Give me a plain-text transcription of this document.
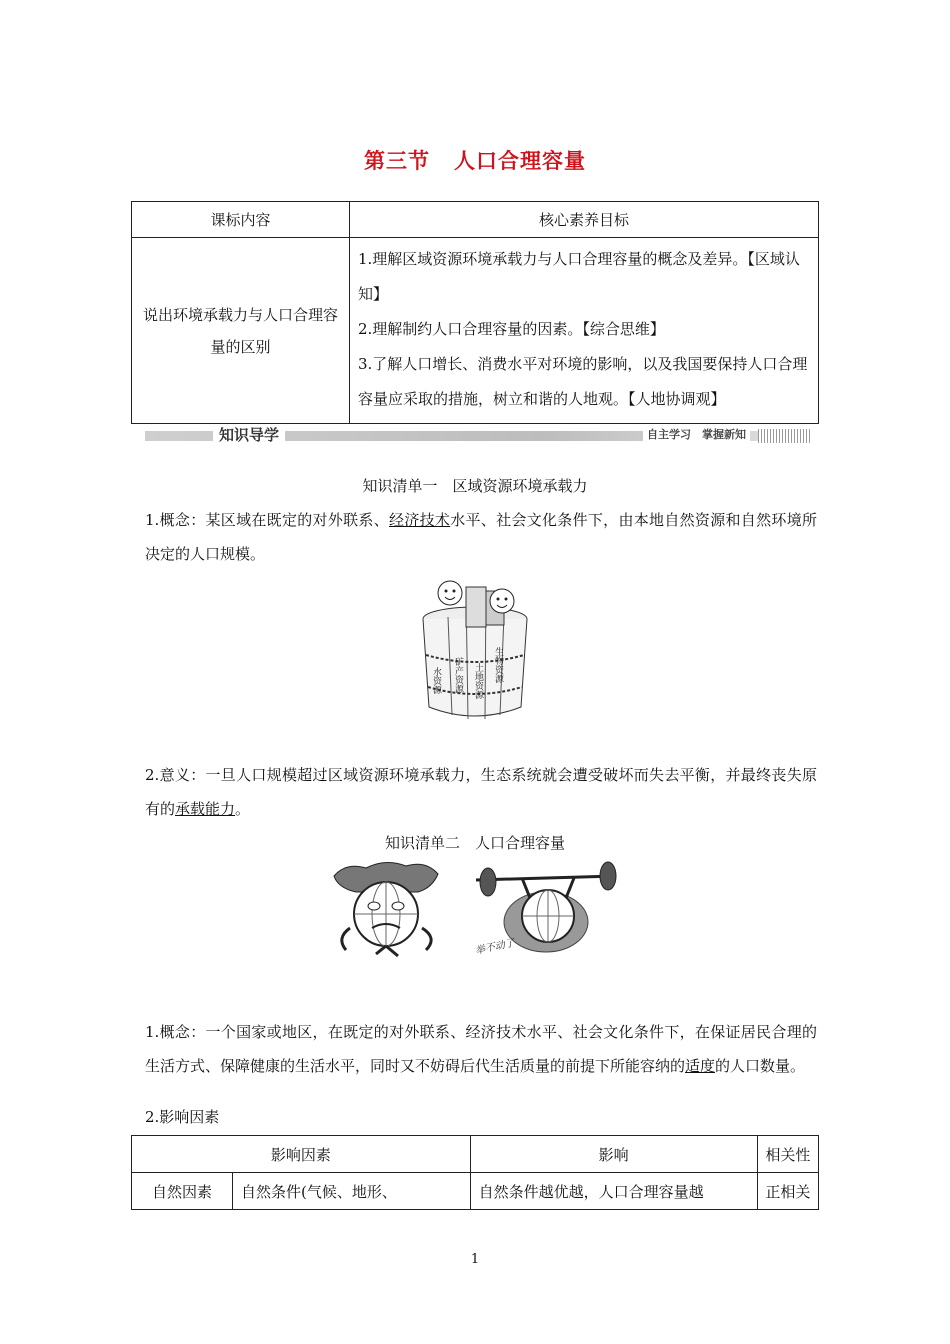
第三节 人口合理容量
课标内容	核心素养目标
说出环境承载力与人口合理容量的区别	1.理解区域资源环境承载力与人口合理容量的概念及差异。【区域认知】
2.理解制约人口合理容量的因素。【综合思维】
3.了解人口增长、消费水平对环境的影响，以及我国要保持人口合理容量应采取的措施，树立和谐的人地观。【人地协调观】
知识导学	自主学习　掌握新知
知识清单一　区域资源环境承载力
1.概念：某区域在既定的对外联系、经济技术水平、社会文化条件下，由本地自然资源和自然环境所决定的人口规模。
水资源 矿产资源 土地资源 生物资源
2.意义：一旦人口规模超过区域资源环境承载力，生态系统就会遭受破坏而失去平衡，并最终丧失原有的承载能力。
知识清单二　人口合理容量
举不动了
1.概念：一个国家或地区，在既定的对外联系、经济技术水平、社会文化条件下，在保证居民合理的生活方式、保障健康的生活水平，同时又不妨碍后代生活质量的前提下所能容纳的适度的人口数量。
2.影响因素
影响因素		影响	相关性
自然因素	自然条件(气候、地形、	自然条件越优越，人口合理容量越	正相关
1
